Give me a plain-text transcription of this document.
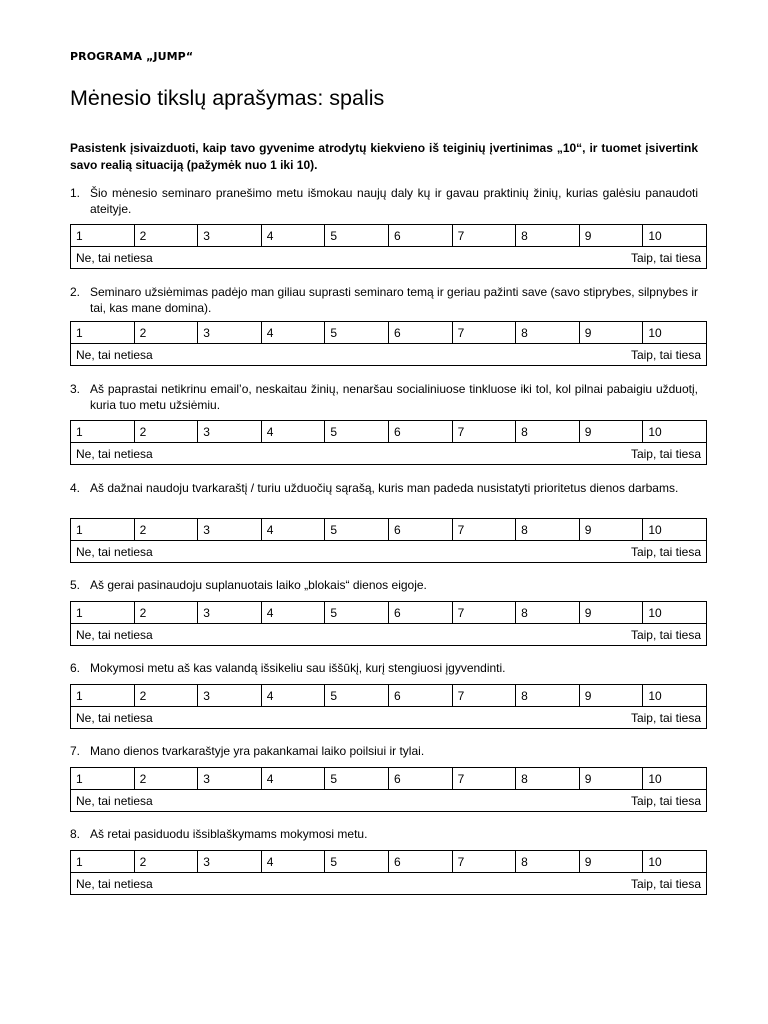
PROGRAMA „JUMP“
Mėnesio tikslų aprašymas: spalis
Pasistenk įsivaizduoti, kaip tavo gyvenime atrodytų kiekvieno iš teiginių įvertinimas „10“, ir tuomet įsivertink savo realią situaciją (pažymėk nuo 1 iki 10).
1. Šio mėnesio seminaro pranešimo metu išmokau naujų daly kų ir gavau praktinių žinių, kurias galėsiu panaudoti ateityje.
1	2	3	4	5	6	7	8	9	10
Ne, tai netiesa	Taip, tai tiesa
2. Seminaro užsiėmimas padėjo man giliau suprasti seminaro temą ir geriau pažinti save (savo stiprybes, silpnybes ir tai, kas mane domina).
1	2	3	4	5	6	7	8	9	10
Ne, tai netiesa	Taip, tai tiesa
3. Aš paprastai netikrinu email’o, neskaitau žinių, nenaršau socialiniuose tinkluose iki tol, kol pilnai pabaigiu užduotį, kuria tuo metu užsiėmiu.
1	2	3	4	5	6	7	8	9	10
Ne, tai netiesa	Taip, tai tiesa
4. Aš dažnai naudoju tvarkaraštį / turiu užduočių sąrašą, kuris man padeda nusistatyti prioritetus dienos darbams.
1	2	3	4	5	6	7	8	9	10
Ne, tai netiesa	Taip, tai tiesa
5. Aš gerai pasinaudoju suplanuotais laiko „blokais“ dienos eigoje.
1	2	3	4	5	6	7	8	9	10
Ne, tai netiesa	Taip, tai tiesa
6. Mokymosi metu aš kas valandą išsikeliu sau iššūkį, kurį stengiuosi įgyvendinti.
1	2	3	4	5	6	7	8	9	10
Ne, tai netiesa	Taip, tai tiesa
7. Mano dienos tvarkaraštyje yra pakankamai laiko poilsiui ir tylai.
1	2	3	4	5	6	7	8	9	10
Ne, tai netiesa	Taip, tai tiesa
8. Aš retai pasiduodu išsiblaškymams mokymosi metu.
1	2	3	4	5	6	7	8	9	10
Ne, tai netiesa	Taip, tai tiesa
